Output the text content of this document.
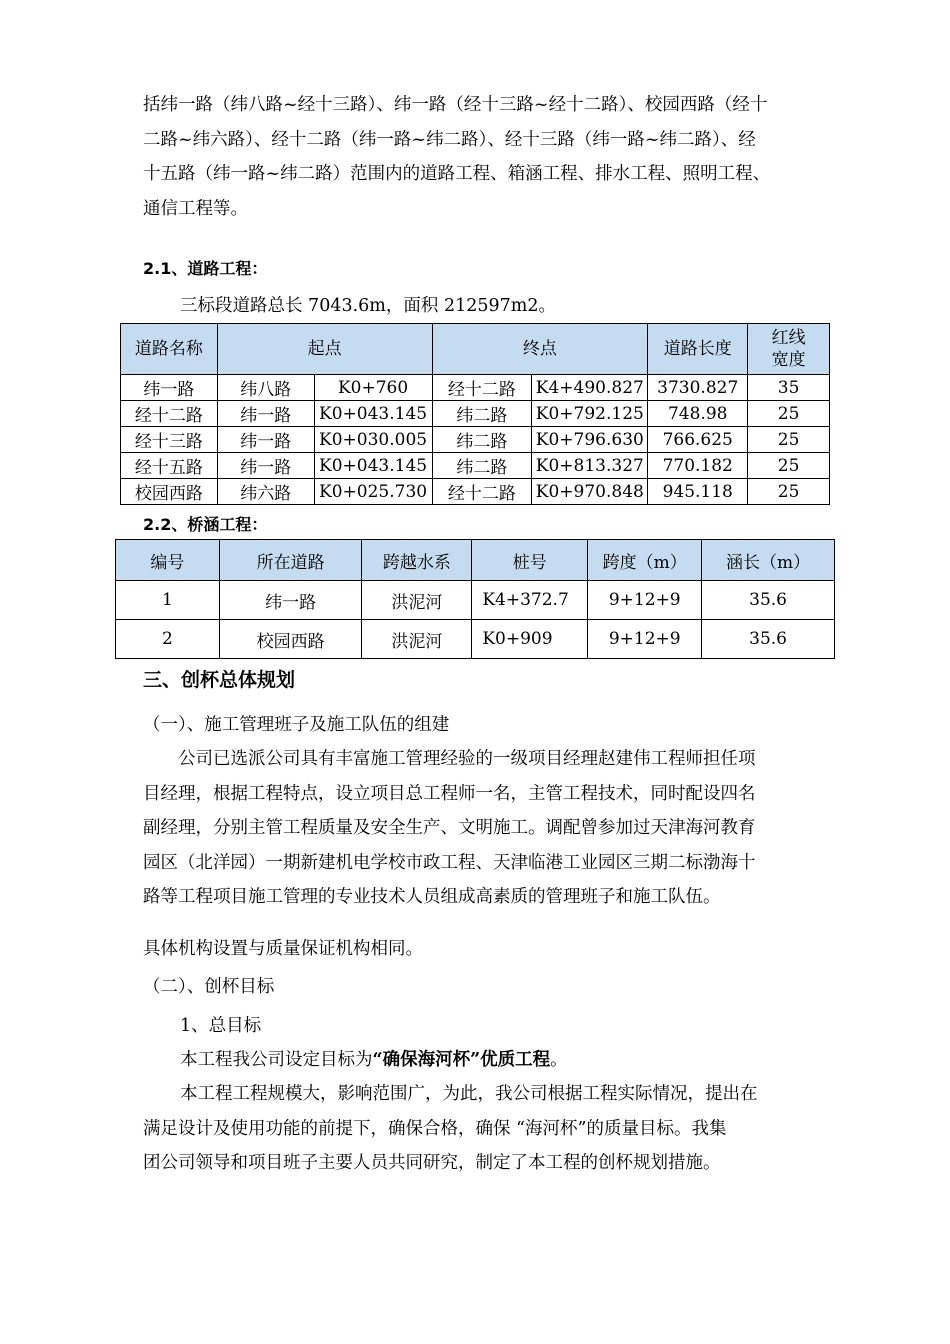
括纬一路（纬八路~经十三路）、纬一路（经十三路~经十二路）、校园西路（经十
二路~纬六路）、经十二路（纬一路~纬二路）、经十三路（纬一路~纬二路）、经
十五路（纬一路~纬二路）范围内的道路工程、箱涵工程、排水工程、照明工程、
通信工程等。
2.1、道路工程：
三标段道路总长 7043.6m，面积 212597m2。
道路名称	起点		终点		道路长度	红线宽度
纬一路	纬八路	K0+760	经十二路	K4+490.827	3730.827	35
经十二路	纬一路	K0+043.145	纬二路	K0+792.125	748.98	25
经十三路	纬一路	K0+030.005	纬二路	K0+796.630	766.625	25
经十五路	纬一路	K0+043.145	纬二路	K0+813.327	770.182	25
校园西路	纬六路	K0+025.730	经十二路	K0+970.848	945.118	25
2.2、桥涵工程：
编号	所在道路	跨越水系	桩号	跨度（m）	涵长（m）
1	纬一路	洪泥河	K4+372.7	9+12+9	35.6
2	校园西路	洪泥河	K0+909	9+12+9	35.6
三、创杯总体规划
（一）、施工管理班子及施工队伍的组建
公司已选派公司具有丰富施工管理经验的一级项目经理赵建伟工程师担任项
目经理，根据工程特点，设立项目总工程师一名，主管工程技术，同时配设四名
副经理，分别主管工程质量及安全生产、文明施工。调配曾参加过天津海河教育
园区（北洋园）一期新建机电学校市政工程、天津临港工业园区三期二标渤海十
路等工程项目施工管理的专业技术人员组成高素质的管理班子和施工队伍。
具体机构设置与质量保证机构相同。
（二）、创杯目标
1、总目标
本工程我公司设定目标为“确保海河杯”优质工程。
本工程工程规模大，影响范围广，为此，我公司根据工程实际情况，提出在
满足设计及使用功能的前提下，确保合格，确保 “海河杯”的质量目标。我集
团公司领导和项目班子主要人员共同研究，制定了本工程的创杯规划措施。
